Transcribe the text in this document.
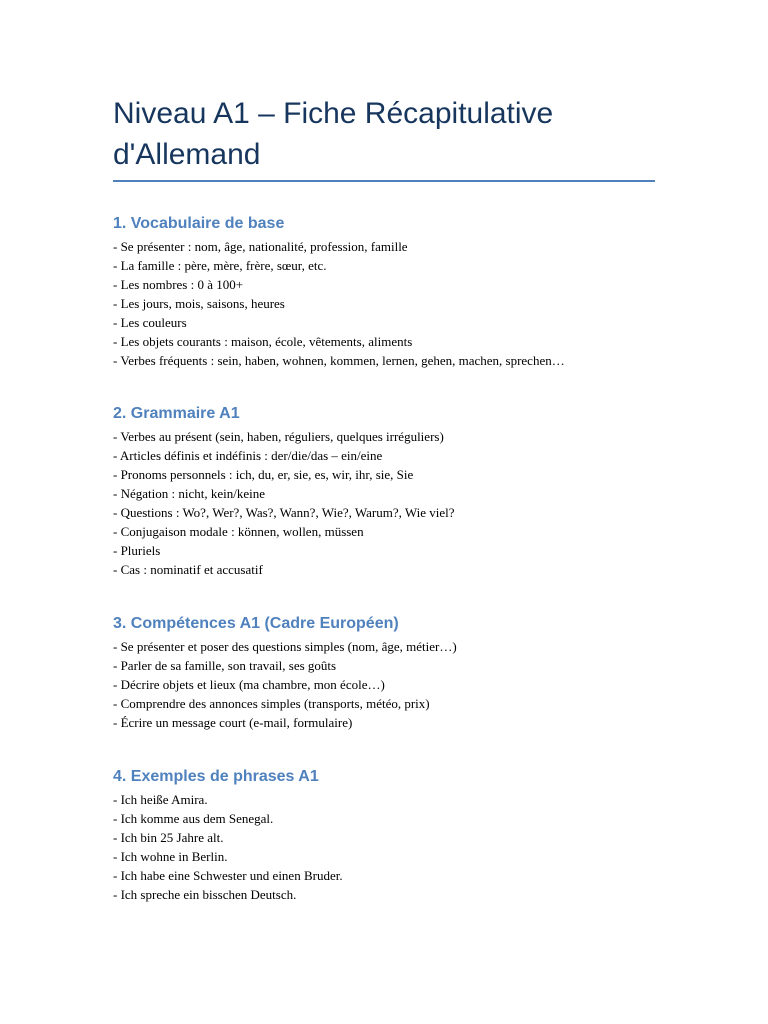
Niveau A1 – Fiche Récapitulative d'Allemand
1. Vocabulaire de base
- Se présenter : nom, âge, nationalité, profession, famille
- La famille : père, mère, frère, sœur, etc.
- Les nombres : 0 à 100+
- Les jours, mois, saisons, heures
- Les couleurs
- Les objets courants : maison, école, vêtements, aliments
- Verbes fréquents : sein, haben, wohnen, kommen, lernen, gehen, machen, sprechen…
2. Grammaire A1
- Verbes au présent (sein, haben, réguliers, quelques irréguliers)
- Articles définis et indéfinis : der/die/das – ein/eine
- Pronoms personnels : ich, du, er, sie, es, wir, ihr, sie, Sie
- Négation : nicht, kein/keine
- Questions : Wo?, Wer?, Was?, Wann?, Wie?, Warum?, Wie viel?
- Conjugaison modale : können, wollen, müssen
- Pluriels
- Cas : nominatif et accusatif
3. Compétences A1 (Cadre Européen)
- Se présenter et poser des questions simples (nom, âge, métier…)
- Parler de sa famille, son travail, ses goûts
- Décrire objets et lieux (ma chambre, mon école…)
- Comprendre des annonces simples (transports, météo, prix)
- Écrire un message court (e-mail, formulaire)
4. Exemples de phrases A1
- Ich heiße Amira.
- Ich komme aus dem Senegal.
- Ich bin 25 Jahre alt.
- Ich wohne in Berlin.
- Ich habe eine Schwester und einen Bruder.
- Ich spreche ein bisschen Deutsch.
